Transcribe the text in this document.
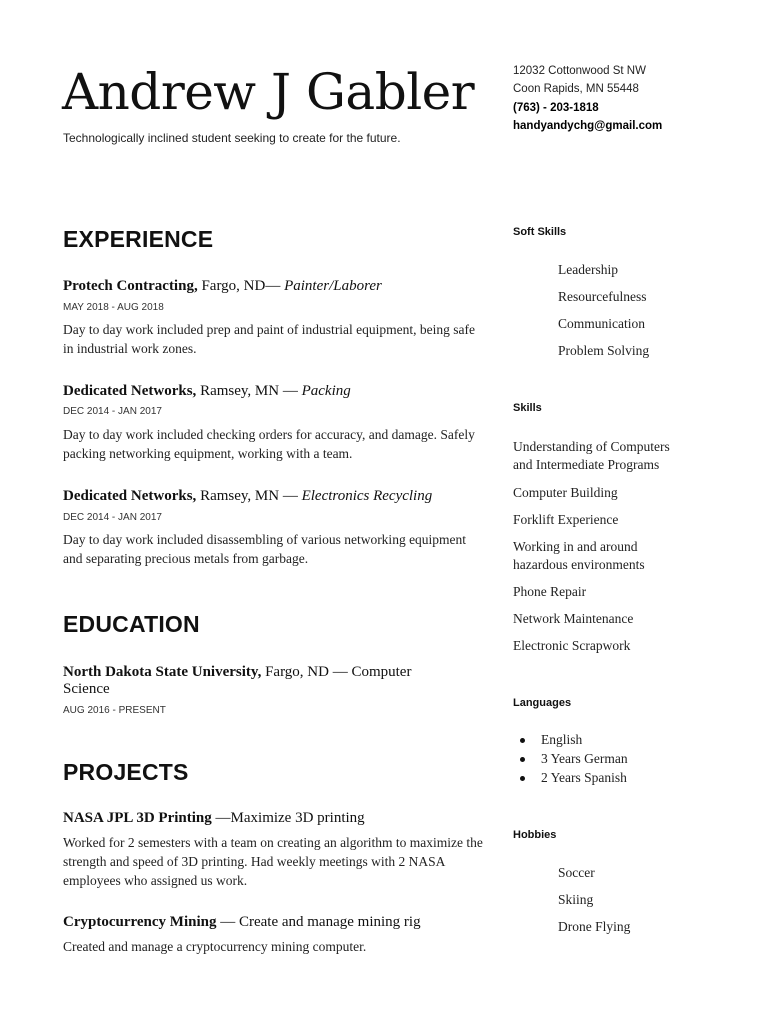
Andrew J Gabler
Technologically inclined student seeking to create for the future.
12032 Cottonwood St NW
Coon Rapids, MN 55448
(763) - 203-1818
handyandychg@gmail.com
EXPERIENCE
Protech Contracting, Fargo, ND— Painter/Laborer
MAY 2018 - AUG 2018
Day to day work included prep and paint of industrial equipment, being safe in industrial work zones.
Dedicated Networks, Ramsey, MN — Packing
DEC 2014 - JAN 2017
Day to day work included checking orders for accuracy, and damage. Safely packing networking equipment, working with a team.
Dedicated Networks, Ramsey, MN — Electronics Recycling
DEC 2014 - JAN 2017
Day to day work included disassembling of various networking equipment and separating precious metals from garbage.
EDUCATION
North Dakota State University, Fargo, ND — Computer
Science
AUG 2016 - PRESENT
PROJECTS
NASA JPL 3D Printing —Maximize 3D printing
Worked for 2 semesters with a team on creating an algorithm to maximize the strength and speed of 3D printing. Had weekly meetings with 2 NASA employees who assigned us work.
Cryptocurrency Mining — Create and manage mining rig
Created and manage a cryptocurrency mining computer.
Soft Skills
Leadership
Resourcefulness
Communication
Problem Solving
Skills
Understanding of Computers and Intermediate Programs
Computer Building
Forklift Experience
Working in and around hazardous environments
Phone Repair
Network Maintenance
Electronic Scrapwork
Languages
English
3 Years German
2 Years Spanish
Hobbies
Soccer
Skiing
Drone Flying
